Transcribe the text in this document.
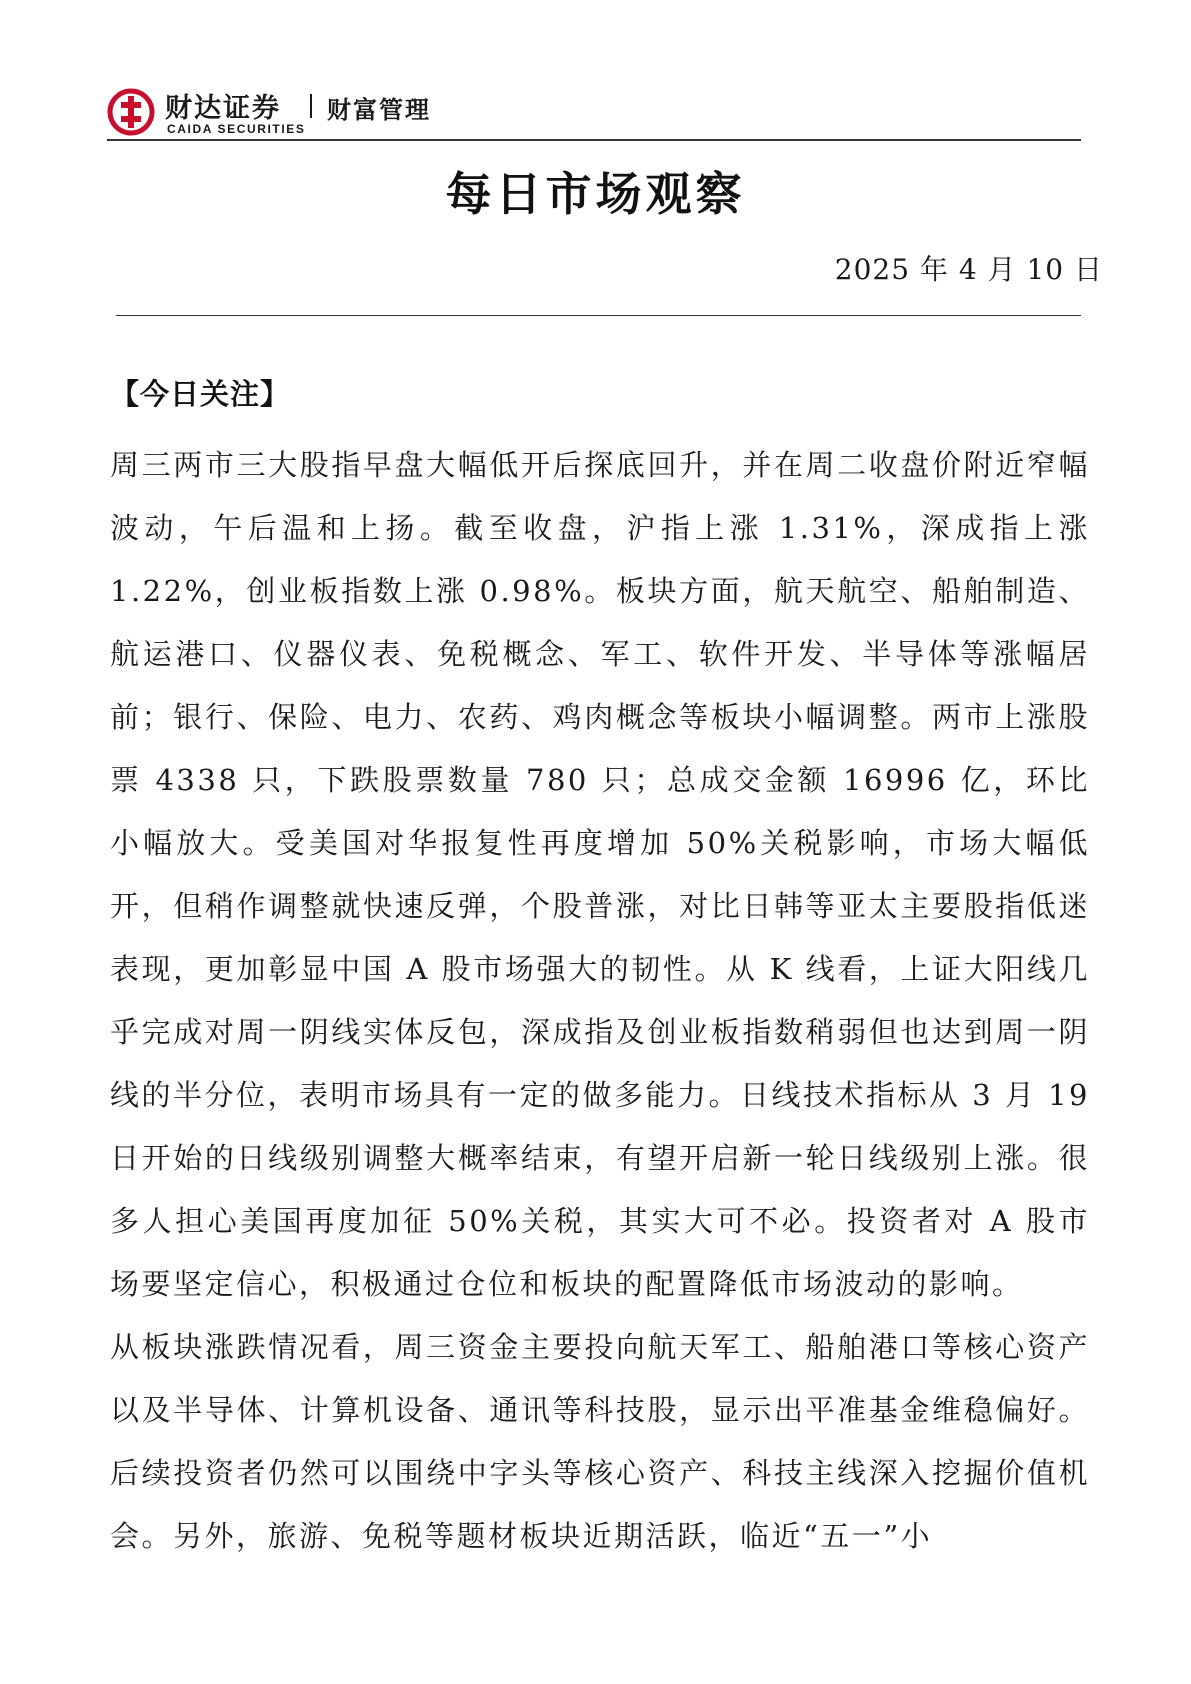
财达证券
CAIDA SECURITIES
财富管理
每日市场观察
2025 年 4 月 10 日
【今日关注】

周三两市三大股指早盘大幅低开后探底回升，并在周二收盘价附近窄幅波动，午后温和上扬。截至收盘，沪指上涨 1.31%，深成指上涨 1.22%，创业板指数上涨 0.98%。板块方面，航天航空、船舶制造、航运港口、仪器仪表、免税概念、军工、软件开发、半导体等涨幅居前；银行、保险、电力、农药、鸡肉概念等板块小幅调整。两市上涨股票 4338 只，下跌股票数量 780 只；总成交金额 16996 亿，环比小幅放大。受美国对华报复性再度增加 50%关税影响，市场大幅低开，但稍作调整就快速反弹，个股普涨，对比日韩等亚太主要股指低迷表现，更加彰显中国 A 股市场强大的韧性。从 K 线看，上证大阳线几乎完成对周一阴线实体反包，深成指及创业板指数稍弱但也达到周一阴线的半分位，表明市场具有一定的做多能力。日线技术指标从 3 月 19 日开始的日线级别调整大概率结束，有望开启新一轮日线级别上涨。很多人担心美国再度加征 50%关税，其实大可不必。投资者对 A 股市场要坚定信心，积极通过仓位和板块的配置降低市场波动的影响。

从板块涨跌情况看，周三资金主要投向航天军工、船舶港口等核心资产以及半导体、计算机设备、通讯等科技股，显示出平准基金维稳偏好。后续投资者仍然可以围绕中字头等核心资产、科技主线深入挖掘价值机会。另外，旅游、免税等题材板块近期活跃，临近“五一”小
